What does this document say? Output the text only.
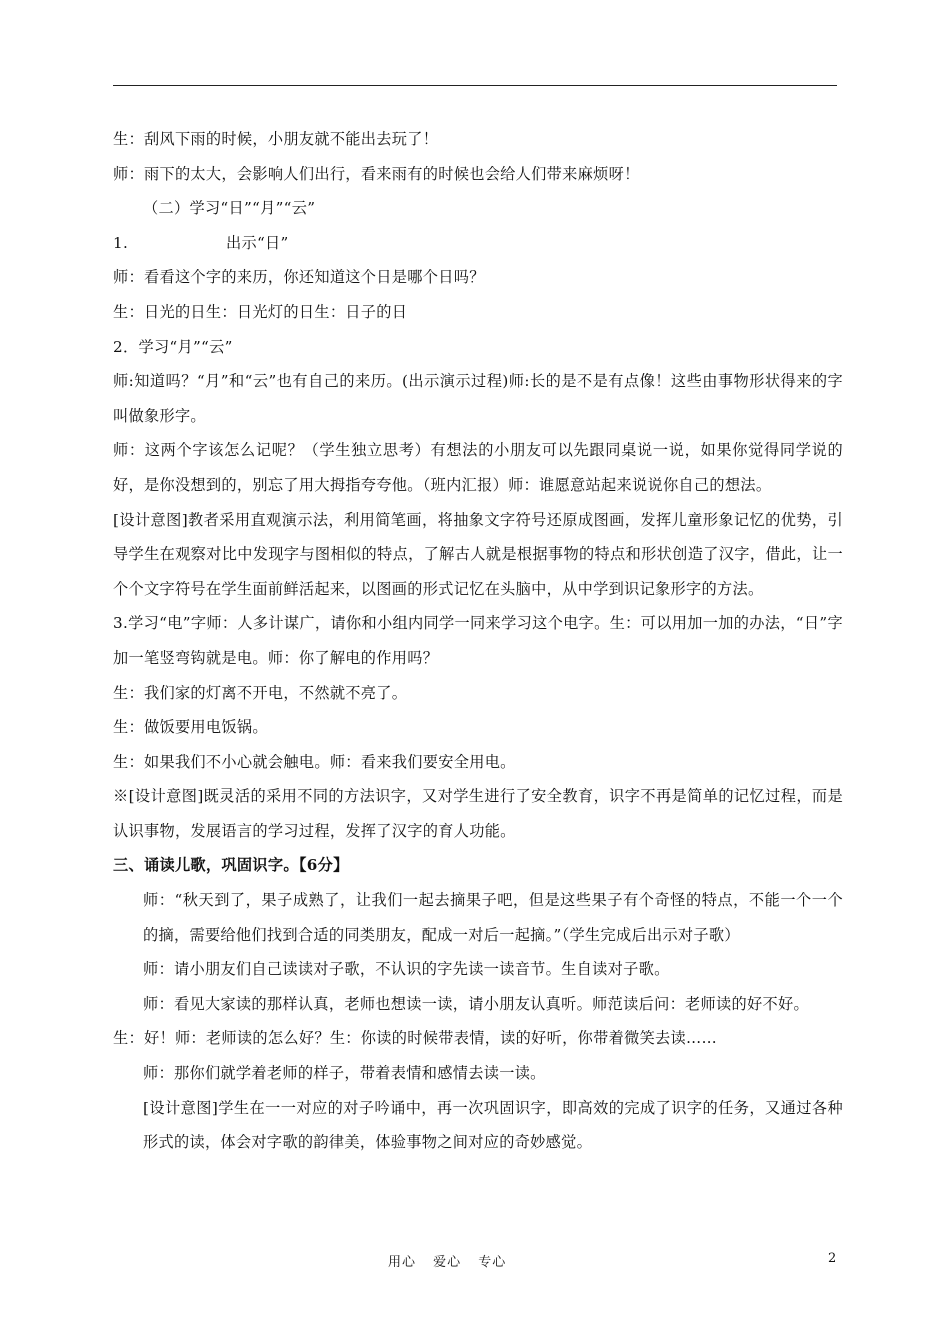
生：刮风下雨的时候，小朋友就不能出去玩了！

师：雨下的太大，会影响人们出行，看来雨有的时候也会给人们带来麻烦呀！

（二）学习“日”“月”“云”

1.	出示“日”

师：看看这个字的来历，你还知道这个日是哪个日吗？

生：日光的日生：日光灯的日生：日子的日

2．学习“月”“云”

师:知道吗？“月”和“云”也有自己的来历。(出示演示过程)师:长的是不是有点像！这些由事物形状得来的字叫做象形字。

师：这两个字该怎么记呢？（学生独立思考）有想法的小朋友可以先跟同桌说一说，如果你觉得同学说的好，是你没想到的，别忘了用大拇指夸夸他。（班内汇报）师：谁愿意站起来说说你自己的想法。

[设计意图]教者采用直观演示法，利用简笔画，将抽象文字符号还原成图画，发挥儿童形象记忆的优势，引导学生在观察对比中发现字与图相似的特点，了解古人就是根据事物的特点和形状创造了汉字，借此，让一个个文字符号在学生面前鲜活起来，以图画的形式记忆在头脑中，从中学到识记象形字的方法。

3.学习“电”字师：人多计谋广，请你和小组内同学一同来学习这个电字。生：可以用加一加的办法，“日”字加一笔竖弯钩就是电。师：你了解电的作用吗？

生：我们家的灯离不开电，不然就不亮了。

生：做饭要用电饭锅。

生：如果我们不小心就会触电。师：看来我们要安全用电。

※[设计意图]既灵活的采用不同的方法识字，又对学生进行了安全教育，识字不再是简单的记忆过程，而是认识事物，发展语言的学习过程，发挥了汉字的育人功能。

三、诵读儿歌，巩固识字。【6分】

师：“秋天到了，果子成熟了，让我们一起去摘果子吧，但是这些果子有个奇怪的特点，不能一个一个的摘，需要给他们找到合适的同类朋友，配成一对后一起摘。”（学生完成后出示对子歌）

师：请小朋友们自己读读对子歌，不认识的字先读一读音节。生自读对子歌。

师：看见大家读的那样认真，老师也想读一读，请小朋友认真听。师范读后问：老师读的好不好。

生：好！师：老师读的怎么好？生：你读的时候带表情，读的好听，你带着微笑去读……

师：那你们就学着老师的样子，带着表情和感情去读一读。

[设计意图]学生在一一对应的对子吟诵中，再一次巩固识字，即高效的完成了识字的任务，又通过各种形式的读，体会对字歌的韵律美，体验事物之间对应的奇妙感觉。

用心 爱心 专心	2
